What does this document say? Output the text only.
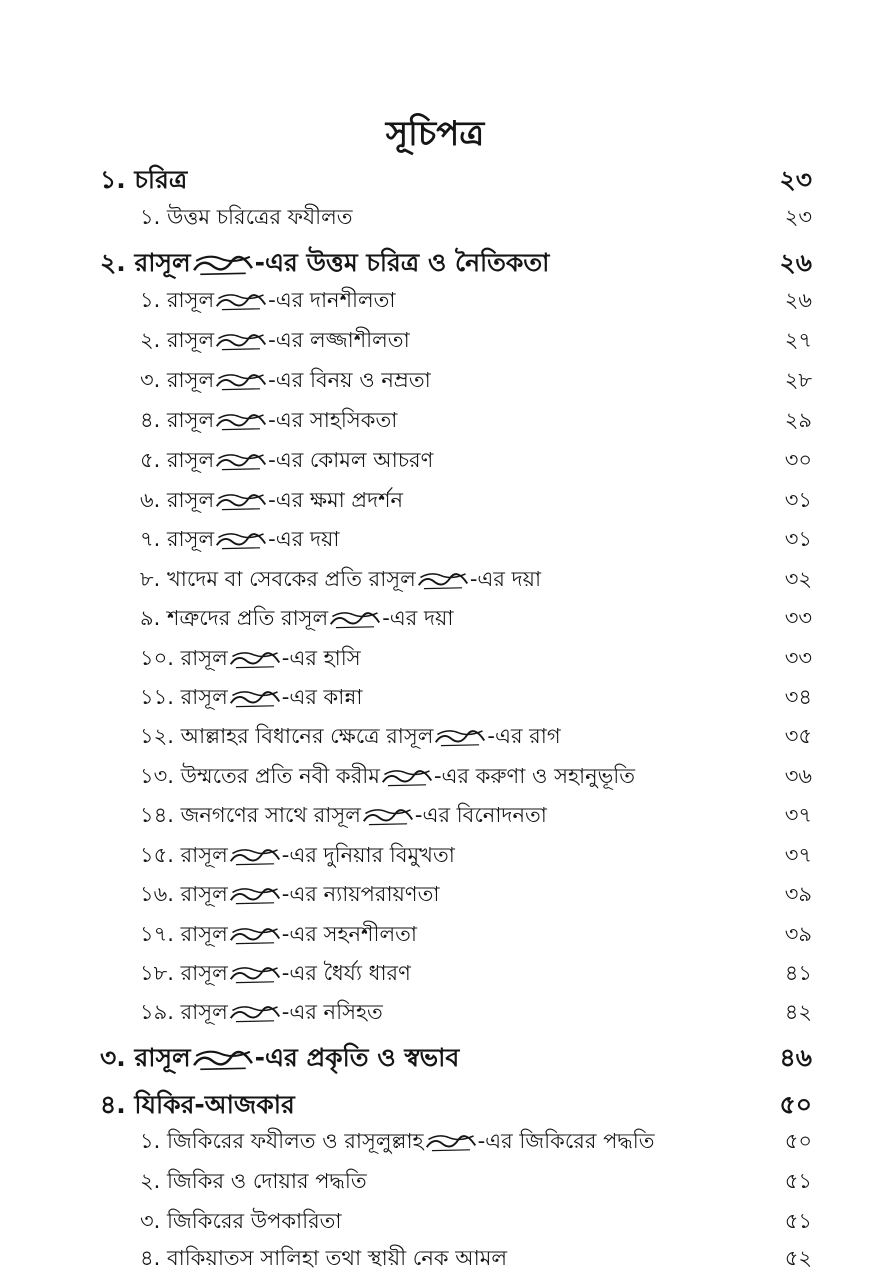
সূচিপত্র
১. চরিত্র	২৩
১. উত্তম চরিত্রের ফযীলত	২৩
২. রাসূল	-এর উত্তম চরিত্র ও নৈতিকতা	২৬
১. রাসূল	-এর দানশীলতা	২৬
২. রাসূল	-এর লজ্জাশীলতা	২৭
৩. রাসূল	-এর বিনয় ও নম্রতা	২৮
৪. রাসূল	-এর সাহসিকতা	২৯
৫. রাসূল	-এর কোমল আচরণ	৩০
৬. রাসূল	-এর ক্ষমা প্রদর্শন	৩১
৭. রাসূল	-এর দয়া	৩১
৮. খাদেম বা সেবকের প্রতি রাসূল	-এর দয়া	৩২
৯. শত্রুদের প্রতি রাসূল	-এর দয়া	৩৩
১০. রাসূল	-এর হাসি	৩৩
১১. রাসূল	-এর কান্না	৩৪
১২. আল্লাহর বিধানের ক্ষেত্রে রাসূল	-এর রাগ	৩৫
১৩. উম্মতের প্রতি নবী করীম	-এর করুণা ও সহানুভূতি	৩৬
১৪. জনগণের সাথে রাসূল	-এর বিনোদনতা	৩৭
১৫. রাসূল	-এর দুনিয়ার বিমুখতা	৩৭
১৬. রাসূল	-এর ন্যায়পরায়ণতা	৩৯
১৭. রাসূল	-এর সহনশীলতা	৩৯
১৮. রাসূল	-এর ধৈর্য্য ধারণ	৪১
১৯. রাসূল	-এর নসিহত	৪২
৩. রাসূল	-এর প্রকৃতি ও স্বভাব	৪৬
৪. যিকির-আজকার	৫০
১. জিকিরের ফযীলত ও রাসূলুল্লাহ	-এর জিকিরের পদ্ধতি	৫০
২. জিকির ও দোয়ার পদ্ধতি	৫১
৩. জিকিরের উপকারিতা	৫১
৪. বাকিয়াতস সালিহা তথা স্থায়ী নেক আমল	৫২
